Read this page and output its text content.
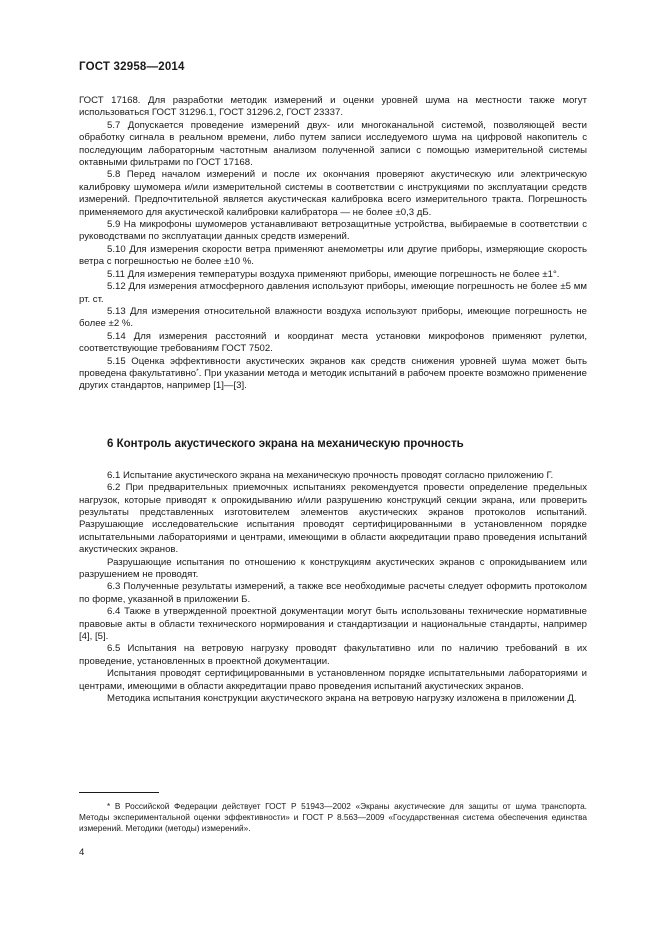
ГОСТ 32958—2014

ГОСТ 17168. Для разработки методик измерений и оценки уровней шума на местности также могут использоваться ГОСТ 31296.1, ГОСТ 31296.2, ГОСТ 23337.

5.7 Допускается проведение измерений двух- или многоканальной системой, позволяющей вести обработку сигнала в реальном времени, либо путем записи исследуемого шума на цифровой накопитель с последующим лабораторным частотным анализом полученной записи с помощью измерительной системы октавными фильтрами по ГОСТ 17168.

5.8 Перед началом измерений и после их окончания проверяют акустическую или электрическую калибровку шумомера и/или измерительной системы в соответствии с инструкциями по эксплуатации средств измерений. Предпочтительной является акустическая калибровка всего измерительного тракта. Погрешность применяемого для акустической калибровки калибратора — не более ±0,3 дБ.

5.9 На микрофоны шумомеров устанавливают ветрозащитные устройства, выбираемые в соответствии с руководствами по эксплуатации данных средств измерений.

5.10 Для измерения скорости ветра применяют анемометры или другие приборы, измеряющие скорость ветра с погрешностью не более ±10 %.

5.11 Для измерения температуры воздуха применяют приборы, имеющие погрешность не более ±1°.

5.12 Для измерения атмосферного давления используют приборы, имеющие погрешность не более ±5 мм рт. ст.

5.13 Для измерения относительной влажности воздуха используют приборы, имеющие погрешность не более ±2 %.

5.14 Для измерения расстояний и координат места установки микрофонов применяют рулетки, соответствующие требованиям ГОСТ 7502.

5.15 Оценка эффективности акустических экранов как средств снижения уровней шума может быть проведена факультативно*. При указании метода и методик испытаний в рабочем проекте возможно применение других стандартов, например [1]—[3].

6 Контроль акустического экрана на механическую прочность

6.1 Испытание акустического экрана на механическую прочность проводят согласно приложению Г.

6.2 При предварительных приемочных испытаниях рекомендуется провести определение предельных нагрузок, которые приводят к опрокидыванию и/или разрушению конструкций секции экрана, или проверить результаты представленных изготовителем элементов акустических экранов протоколов испытаний. Разрушающие исследовательские испытания проводят сертифицированными в установленном порядке испытательными лабораториями и центрами, имеющими в области аккредитации право проведения испытаний акустических экранов.

Разрушающие испытания по отношению к конструкциям акустических экранов с опрокидыванием или разрушением не проводят.

6.3 Полученные результаты измерений, а также все необходимые расчеты следует оформить протоколом по форме, указанной в приложении Б.

6.4 Также в утвержденной проектной документации могут быть использованы технические нормативные правовые акты в области технического нормирования и стандартизации и национальные стандарты, например [4], [5].

6.5 Испытания на ветровую нагрузку проводят факультативно или по наличию требований в их проведение, установленных в проектной документации.

Испытания проводят сертифицированными в установленном порядке испытательными лабораториями и центрами, имеющими в области аккредитации право проведения испытаний акустических экранов.

Методика испытания конструкции акустического экрана на ветровую нагрузку изложена в приложении Д.

* В Российской Федерации действует ГОСТ Р 51943—2002 «Экраны акустические для защиты от шума транспорта. Методы экспериментальной оценки эффективности» и ГОСТ Р 8.563—2009 «Государственная система обеспечения единства измерений. Методики (методы) измерений».
4
